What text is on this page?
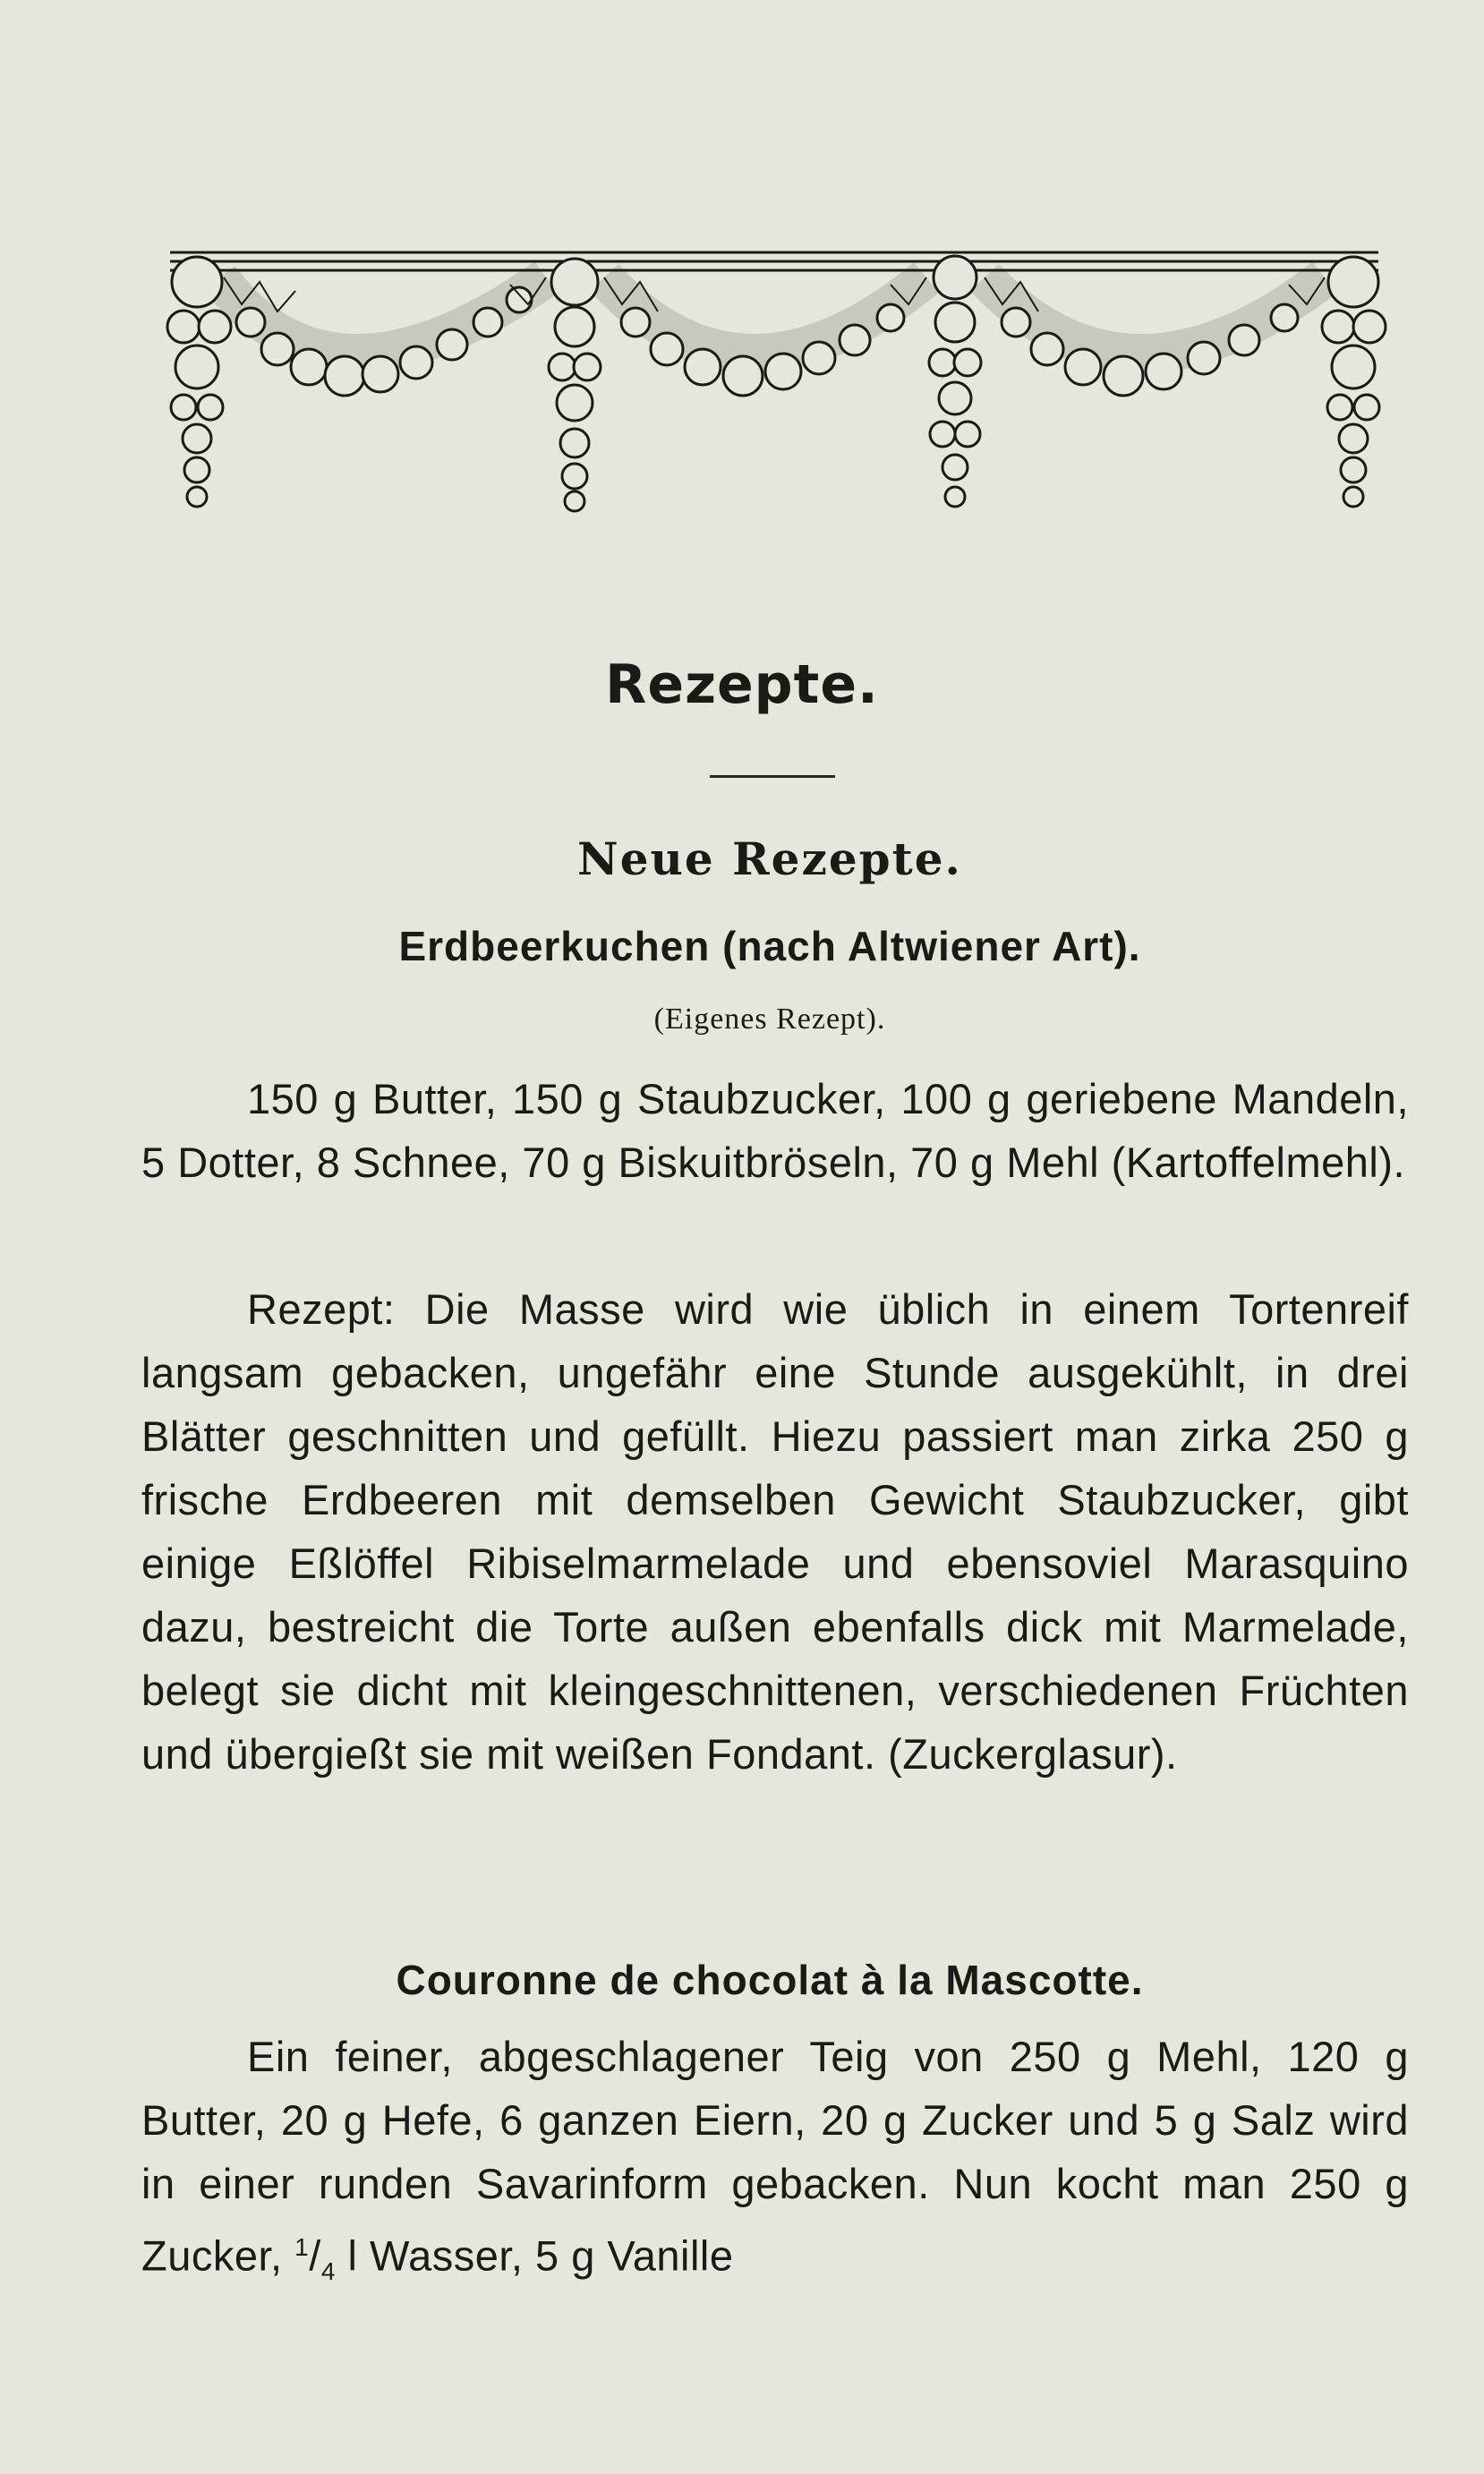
Rezepte.
Neue Rezepte.
Erdbeerkuchen (nach Altwiener Art).
(Eigenes Rezept).

150 g Butter, 150 g Staubzucker, 100 g geriebene Mandeln, 5 Dotter, 8 Schnee, 70 g Biskuitbröseln, 70 g Mehl (Kartoffelmehl).

Rezept: Die Masse wird wie üblich in einem Tortenreif langsam gebacken, ungefähr eine Stunde ausgekühlt, in drei Blätter geschnitten und gefüllt. Hiezu passiert man zirka 250 g frische Erdbeeren mit demselben Gewicht Staubzucker, gibt einige Eßlöffel Ribiselmarmelade und ebensoviel Marasquino dazu, bestreicht die Torte außen ebenfalls dick mit Marmelade, belegt sie dicht mit kleingeschnittenen, verschiedenen Früchten und übergießt sie mit weißen Fondant. (Zuckerglasur).

Couronne de chocolat à la Mascotte.

Ein feiner, abgeschlagener Teig von 250 g Mehl, 120 g Butter, 20 g Hefe, 6 ganzen Eiern, 20 g Zucker und 5 g Salz wird in einer runden Savarinform gebacken. Nun kocht man 250 g Zucker, $^1/_4$ l Wasser, 5 g Vanille
